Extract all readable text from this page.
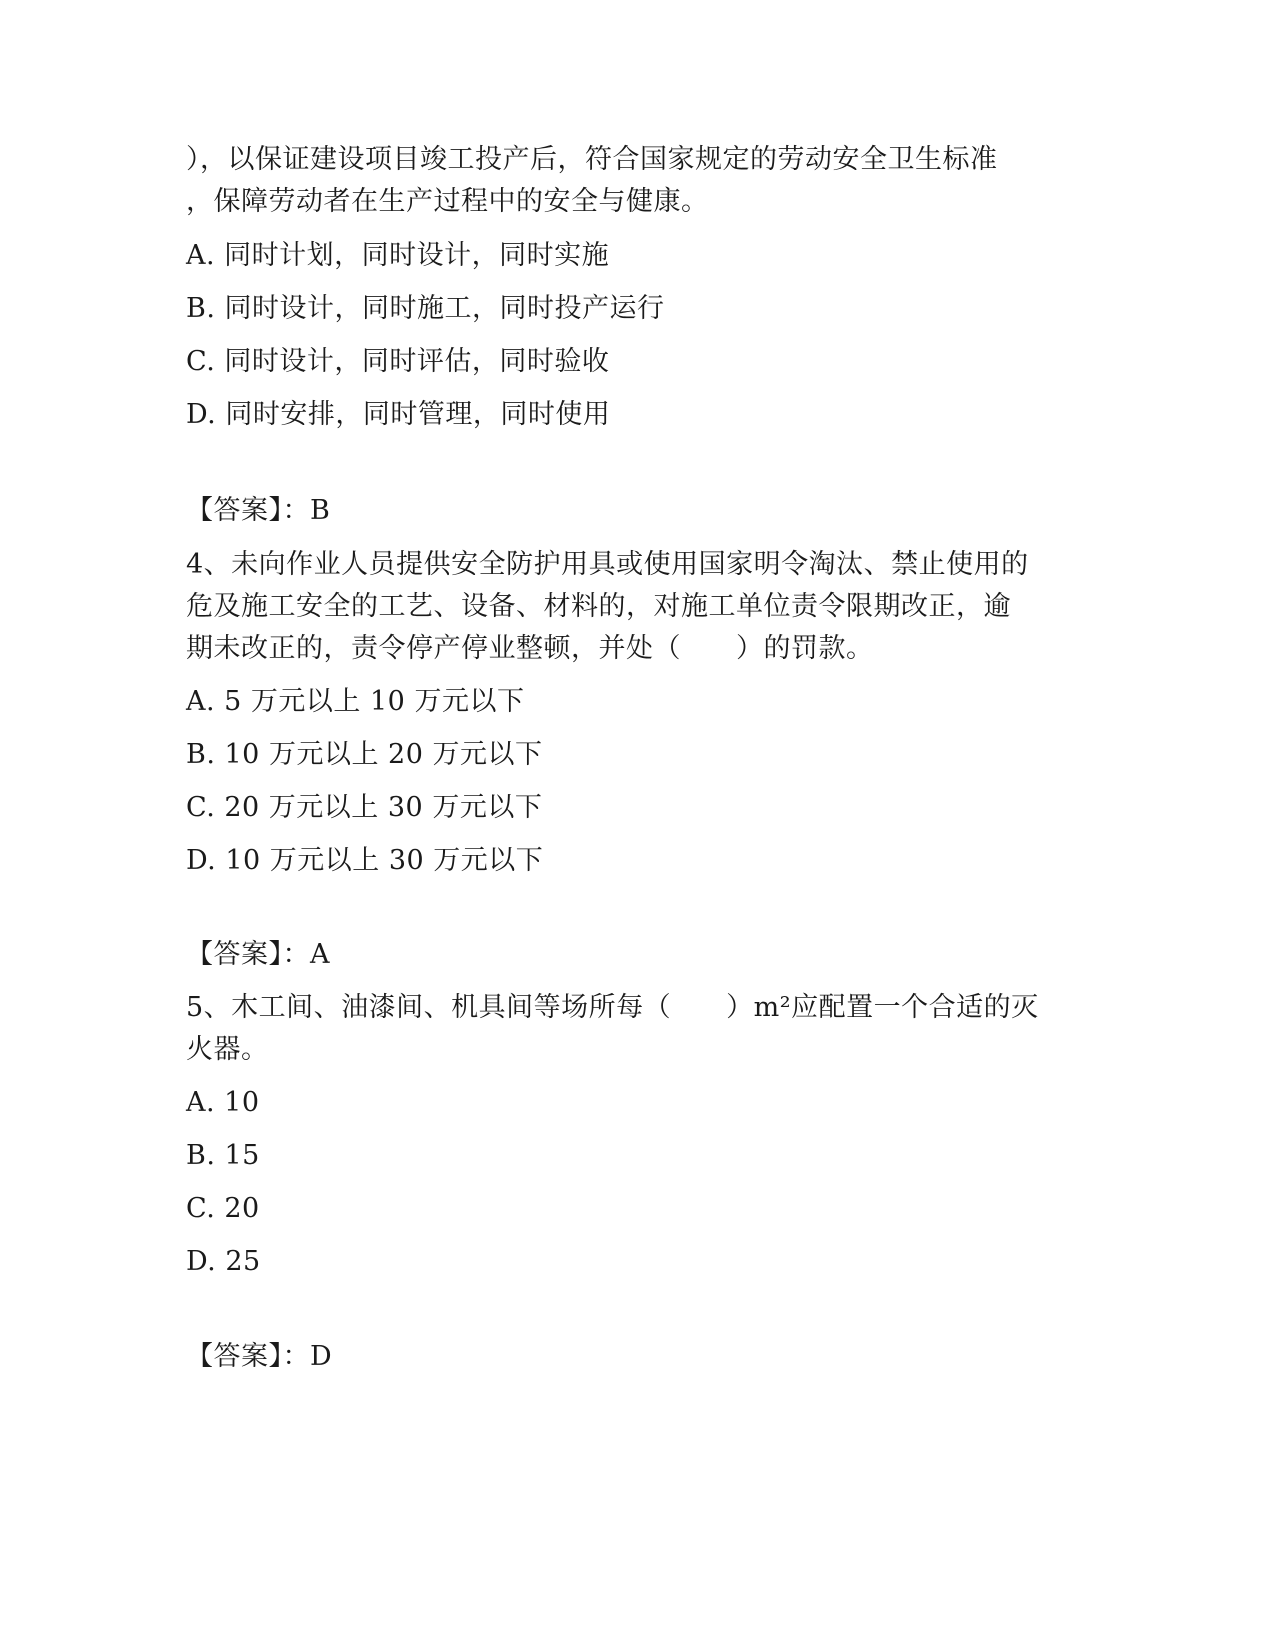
），以保证建设项目竣工投产后，符合国家规定的劳动安全卫生标准
，保障劳动者在生产过程中的安全与健康。
A. 同时计划，同时设计，同时实施
B. 同时设计，同时施工，同时投产运行
C. 同时设计，同时评估，同时验收
D. 同时安排，同时管理，同时使用
【答案】：B
4、未向作业人员提供安全防护用具或使用国家明令淘汰、禁止使用的
危及施工安全的工艺、设备、材料的，对施工单位责令限期改正，逾
期未改正的，责令停产停业整顿，并处（　　）的罚款。
A. 5 万元以上 10 万元以下
B. 10 万元以上 20 万元以下
C. 20 万元以上 30 万元以下
D. 10 万元以上 30 万元以下
【答案】：A
5、木工间、油漆间、机具间等场所每（　　）m²应配置一个合适的灭
火器。
A. 10
B. 15
C. 20
D. 25
【答案】：D
